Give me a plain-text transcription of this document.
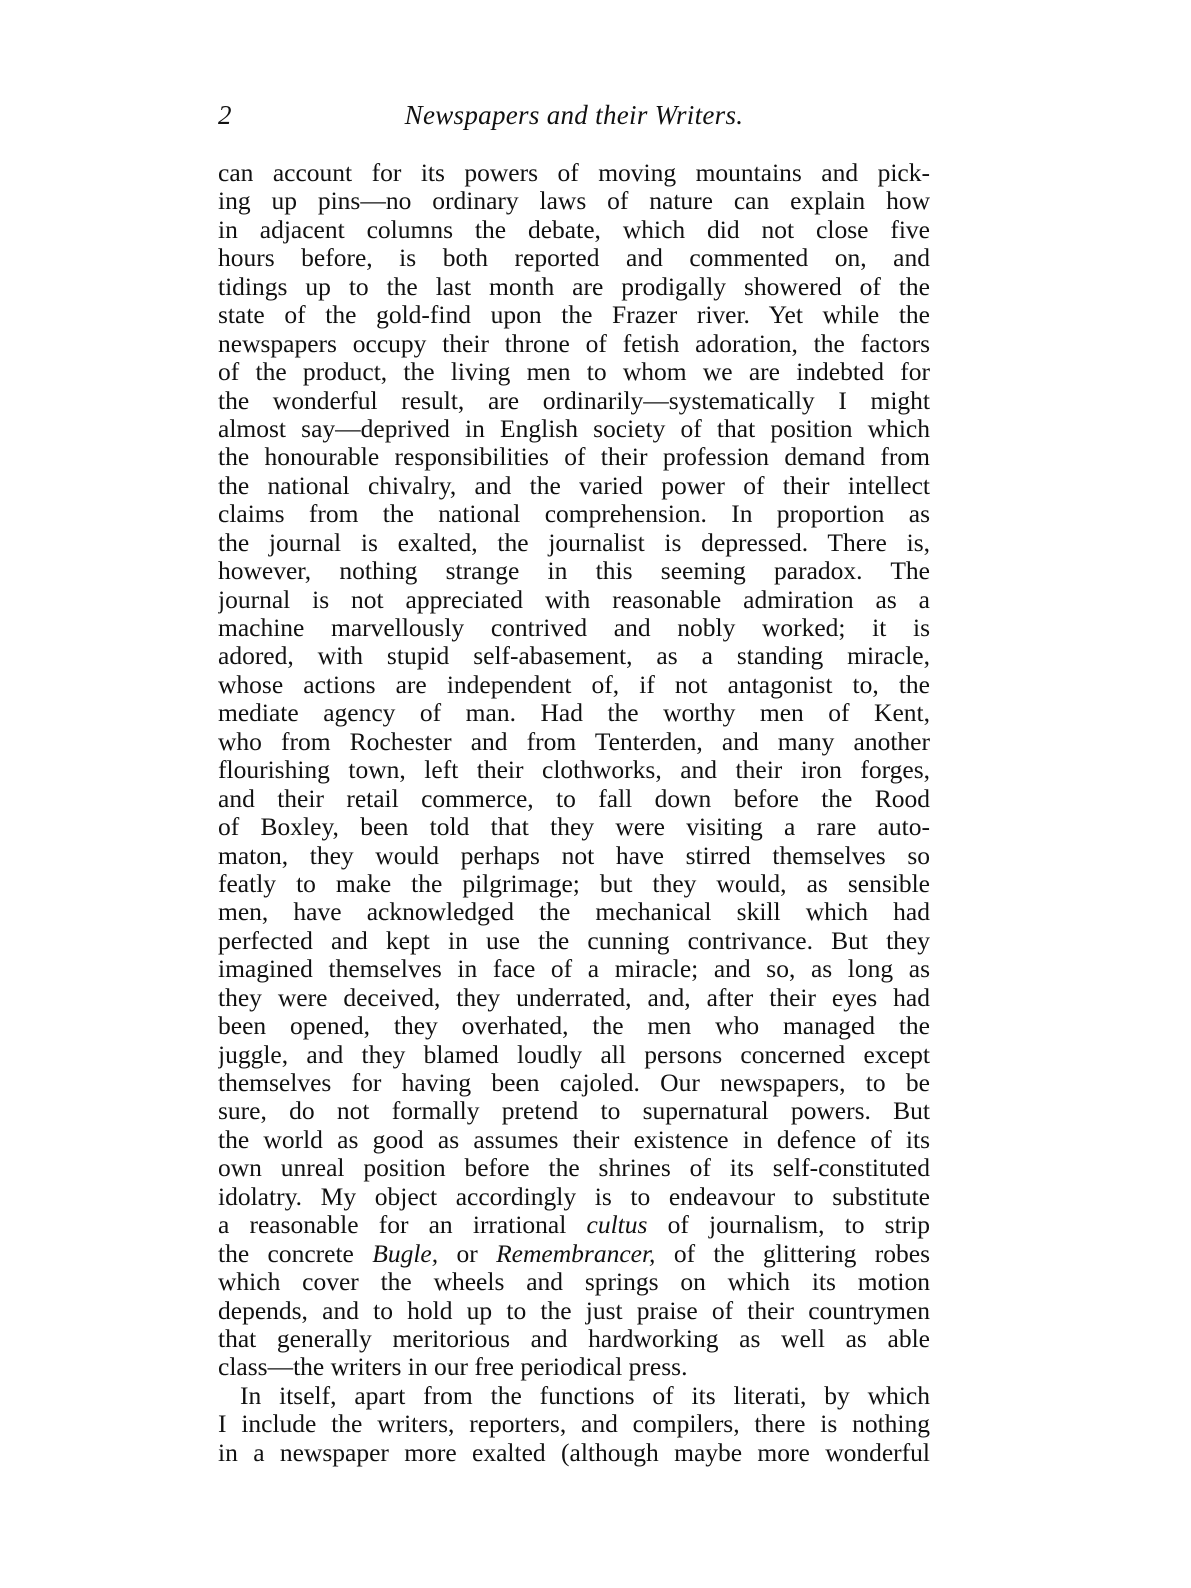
2	Newspapers and their Writers.
can account for its powers of moving mountains and pick-
ing up pins—no ordinary laws of nature can explain how
in adjacent columns the debate, which did not close five
hours before, is both reported and commented on, and
tidings up to the last month are prodigally showered of the
state of the gold-find upon the Frazer river. Yet while the
newspapers occupy their throne of fetish adoration, the factors
of the product, the living men to whom we are indebted for
the wonderful result, are ordinarily—systematically I might
almost say—deprived in English society of that position which
the honourable responsibilities of their profession demand from
the national chivalry, and the varied power of their intellect
claims from the national comprehension. In proportion as
the journal is exalted, the journalist is depressed. There is,
however, nothing strange in this seeming paradox. The
journal is not appreciated with reasonable admiration as a
machine marvellously contrived and nobly worked; it is
adored, with stupid self-abasement, as a standing miracle,
whose actions are independent of, if not antagonist to, the
mediate agency of man. Had the worthy men of Kent,
who from Rochester and from Tenterden, and many another
flourishing town, left their clothworks, and their iron forges,
and their retail commerce, to fall down before the Rood
of Boxley, been told that they were visiting a rare auto-
maton, they would perhaps not have stirred themselves so
featly to make the pilgrimage; but they would, as sensible
men, have acknowledged the mechanical skill which had
perfected and kept in use the cunning contrivance. But they
imagined themselves in face of a miracle; and so, as long as
they were deceived, they underrated, and, after their eyes had
been opened, they overhated, the men who managed the
juggle, and they blamed loudly all persons concerned except
themselves for having been cajoled. Our newspapers, to be
sure, do not formally pretend to supernatural powers. But
the world as good as assumes their existence in defence of its
own unreal position before the shrines of its self-constituted
idolatry. My object accordingly is to endeavour to substitute
a reasonable for an irrational cultus of journalism, to strip
the concrete Bugle, or Remembrancer, of the glittering robes
which cover the wheels and springs on which its motion
depends, and to hold up to the just praise of their countrymen
that generally meritorious and hardworking as well as able
class—the writers in our free periodical press.
In itself, apart from the functions of its literati, by which
I include the writers, reporters, and compilers, there is nothing
in a newspaper more exalted (although maybe more wonderful
